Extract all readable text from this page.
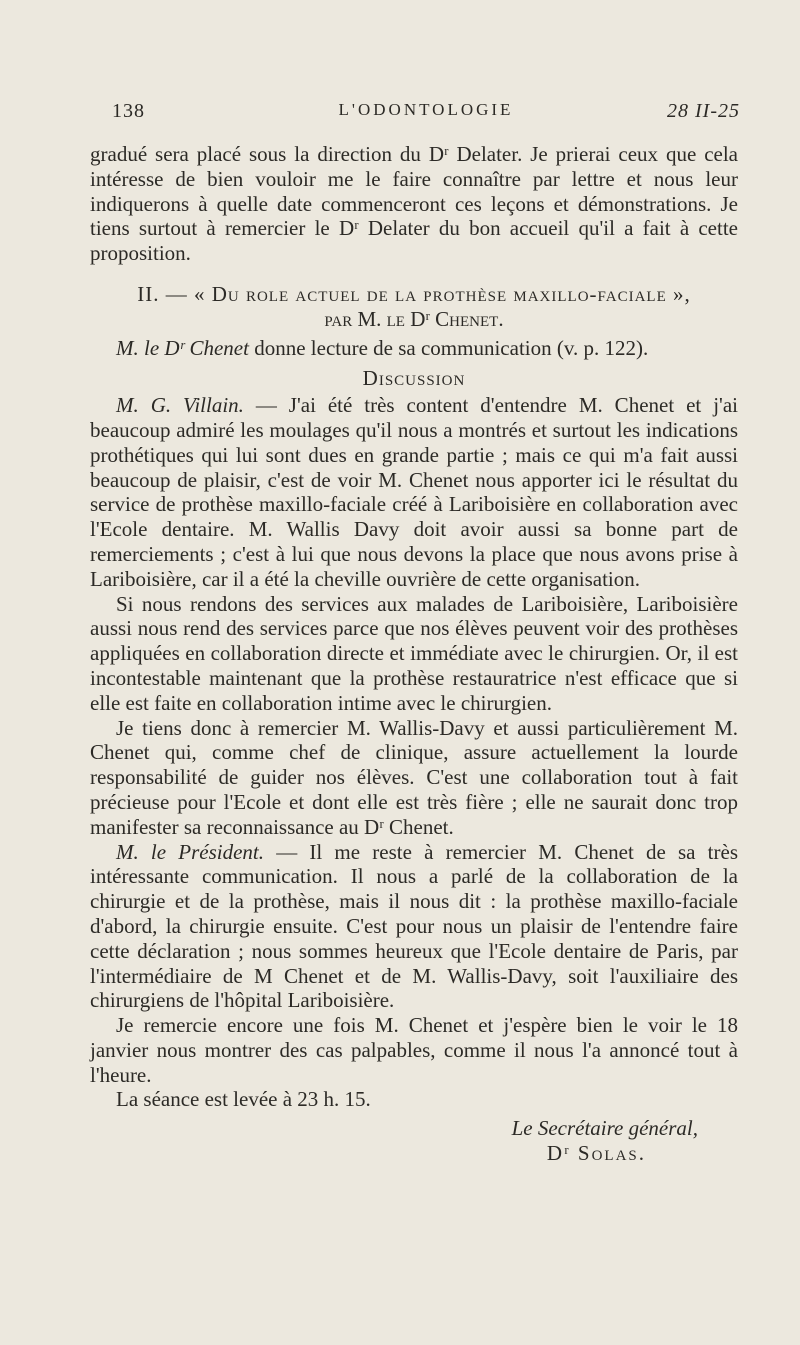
138	L'ODONTOLOGIE	28 II-25

gradué sera placé sous la direction du Dʳ Delater. Je prierai ceux que cela intéresse de bien vouloir me le faire connaître par lettre et nous leur indiquerons à quelle date commenceront ces leçons et démonstrations. Je tiens surtout à remercier le Dʳ Delater du bon accueil qu'il a fait à cette proposition.

II. — « Du role actuel de la prothèse maxillo-faciale »,

par M. le Dʳ Chenet.

M. le Dʳ Chenet donne lecture de sa communication (v. p. 122).

Discussion

M. G. Villain. — J'ai été très content d'entendre M. Chenet et j'ai beaucoup admiré les moulages qu'il nous a montrés et surtout les indications prothétiques qui lui sont dues en grande partie ; mais ce qui m'a fait aussi beaucoup de plaisir, c'est de voir M. Chenet nous apporter ici le résultat du service de prothèse maxillo-faciale créé à Lariboisière en collaboration avec l'Ecole dentaire. M. Wallis Davy doit avoir aussi sa bonne part de remerciements ; c'est à lui que nous devons la place que nous avons prise à Lariboisière, car il a été la cheville ouvrière de cette organisation.

Si nous rendons des services aux malades de Lariboisière, Lariboisière aussi nous rend des services parce que nos élèves peuvent voir des prothèses appliquées en collaboration directe et immédiate avec le chirurgien. Or, il est incontestable maintenant que la prothèse restauratrice n'est efficace que si elle est faite en collaboration intime avec le chirurgien.

Je tiens donc à remercier M. Wallis-Davy et aussi particulièrement M. Chenet qui, comme chef de clinique, assure actuellement la lourde responsabilité de guider nos élèves. C'est une collaboration tout à fait précieuse pour l'Ecole et dont elle est très fière ; elle ne saurait donc trop manifester sa reconnaissance au Dʳ Chenet.

M. le Président. — Il me reste à remercier M. Chenet de sa très intéressante communication. Il nous a parlé de la collaboration de la chirurgie et de la prothèse, mais il nous dit : la prothèse maxillo-faciale d'abord, la chirurgie ensuite. C'est pour nous un plaisir de l'entendre faire cette déclaration ; nous sommes heureux que l'Ecole dentaire de Paris, par l'intermédiaire de M Chenet et de M. Wallis-Davy, soit l'auxiliaire des chirurgiens de l'hôpital Lariboisière.

Je remercie encore une fois M. Chenet et j'espère bien le voir le 18 janvier nous montrer des cas palpables, comme il nous l'a annoncé tout à l'heure.

La séance est levée à 23 h. 15.

Le Secrétaire général,

Dʳ Solas.
